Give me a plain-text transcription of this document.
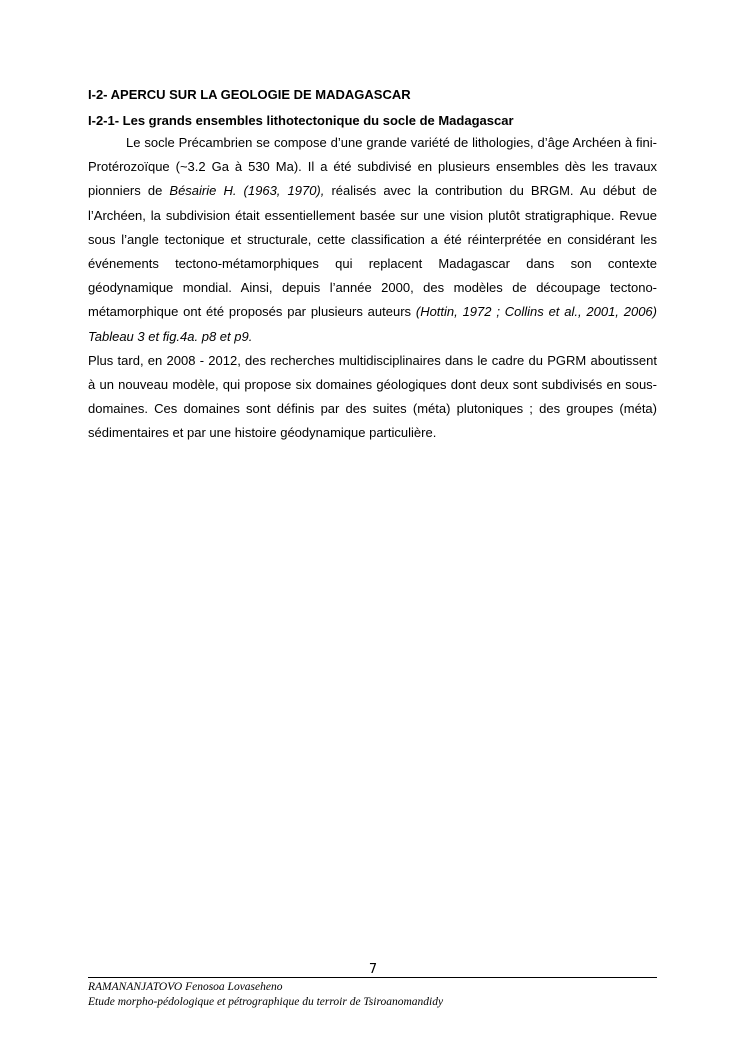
I-2- APERCU SUR LA GEOLOGIE DE MADAGASCAR

I-2-1- Les grands ensembles lithotectonique du socle de Madagascar

Le socle Précambrien se compose d’une grande variété de lithologies, d’âge Archéen à fini-Protérozoïque (~3.2 Ga à 530 Ma). Il a été subdivisé en plusieurs ensembles dès les travaux pionniers de Bésairie H. (1963, 1970), réalisés avec la contribution du BRGM. Au début de l’Archéen, la subdivision était essentiellement basée sur une vision plutôt stratigraphique. Revue sous l’angle tectonique et structurale, cette classification a été réinterprétée en considérant les événements tectono-métamorphiques qui replacent Madagascar dans son contexte géodynamique mondial. Ainsi, depuis l’année 2000, des modèles de découpage tectono-métamorphique ont été proposés par plusieurs auteurs (Hottin, 1972 ; Collins et al., 2001, 2006) Tableau 3 et fig.4a. p8 et p9.

Plus tard, en 2008 - 2012, des recherches multidisciplinaires dans le cadre du PGRM aboutissent à un nouveau modèle, qui propose six domaines géologiques dont deux sont subdivisés en sous-domaines. Ces domaines sont définis par des suites (méta) plutoniques ; des groupes (méta) sédimentaires et par une histoire géodynamique particulière.

7
RAMANANJATOVO Fenosoa Lovaseheno
Etude morpho-pédologique et pétrographique du terroir de Tsiroanomandidy
